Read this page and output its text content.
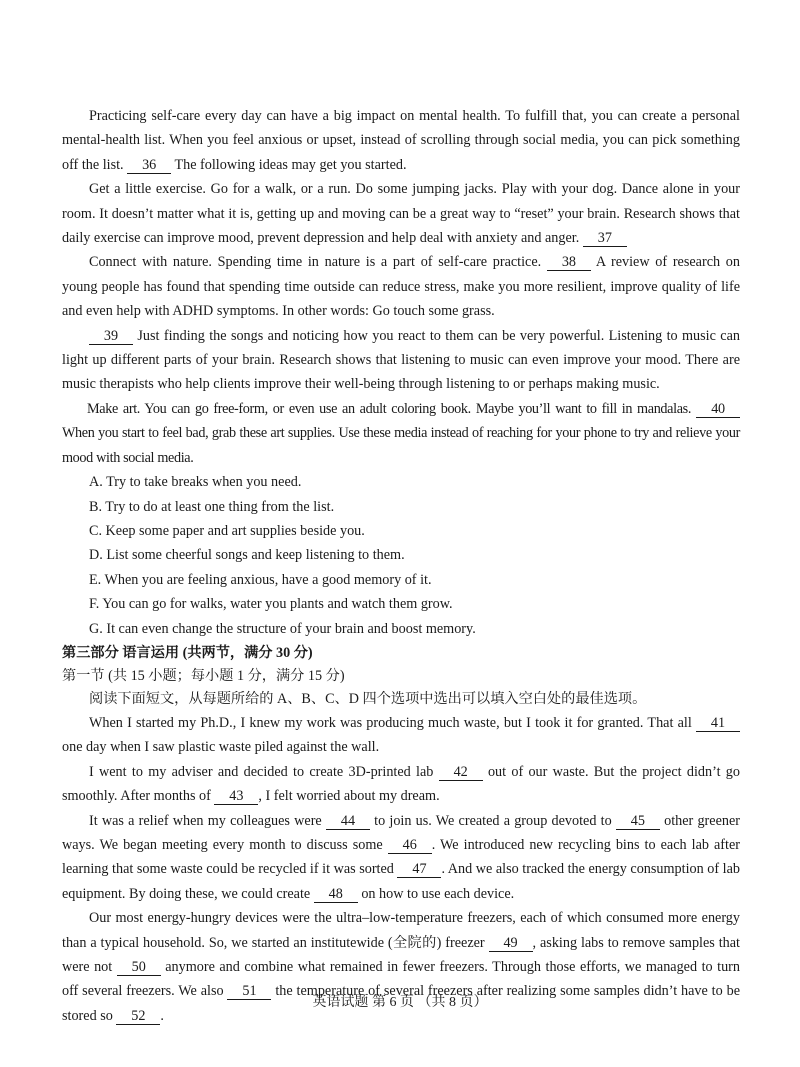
Practicing self-care every day can have a big impact on mental health. To fulfill that, you can create a personal mental-health list. When you feel anxious or upset, instead of scrolling through social media, you can pick something off the list. 36 The following ideas may get you started.

Get a little exercise. Go for a walk, or a run. Do some jumping jacks. Play with your dog. Dance alone in your room. It doesn’t matter what it is, getting up and moving can be a great way to “reset” your brain. Research shows that daily exercise can improve mood, prevent depression and help deal with anxiety and anger. 37

Connect with nature. Spending time in nature is a part of self-care practice. 38 A review of research on young people has found that spending time outside can reduce stress, make you more resilient, improve quality of life and even help with ADHD symptoms. In other words: Go touch some grass.

39 Just finding the songs and noticing how you react to them can be very powerful. Listening to music can light up different parts of your brain. Research shows that listening to music can even improve your mood. There are music therapists who help clients improve their well-being through listening to or perhaps making music.

Make art. You can go free-form, or even use an adult coloring book. Maybe you’ll want to fill in mandalas. 40 When you start to feel bad, grab these art supplies. Use these media instead of reaching for your phone to try and relieve your mood with social media.

A. Try to take breaks when you need.

B. Try to do at least one thing from the list.

C. Keep some paper and art supplies beside you.

D. List some cheerful songs and keep listening to them.

E. When you are feeling anxious, have a good memory of it.

F. You can go for walks, water you plants and watch them grow.

G. It can even change the structure of your brain and boost memory.

第三部分 语言运用 (共两节，满分 30 分)

第一节 (共 15 小题；每小题 1 分，满分 15 分)

阅读下面短文，从每题所给的 A、B、C、D 四个选项中选出可以填入空白处的最佳选项。

When I started my Ph.D., I knew my work was producing much waste, but I took it for granted. That all 41 one day when I saw plastic waste piled against the wall.

I went to my adviser and decided to create 3D-printed lab 42 out of our waste. But the project didn’t go smoothly. After months of 43 , I felt worried about my dream.

It was a relief when my colleagues were 44 to join us. We created a group devoted to 45 other greener ways. We began meeting every month to discuss some 46 . We introduced new recycling bins to each lab after learning that some waste could be recycled if it was sorted 47 . And we also tracked the energy consumption of lab equipment. By doing these, we could create 48 on how to use each device.

Our most energy-hungry devices were the ultra–low-temperature freezers, each of which consumed more energy than a typical household. So, we started an institutewide (全院的) freezer 49 , asking labs to remove samples that were not 50 anymore and combine what remained in fewer freezers. Through those efforts, we managed to turn off several freezers. We also 51 the temperature of several freezers after realizing some samples didn’t have to be stored so 52 .

英语试题 第 6 页 （共 8 页）
